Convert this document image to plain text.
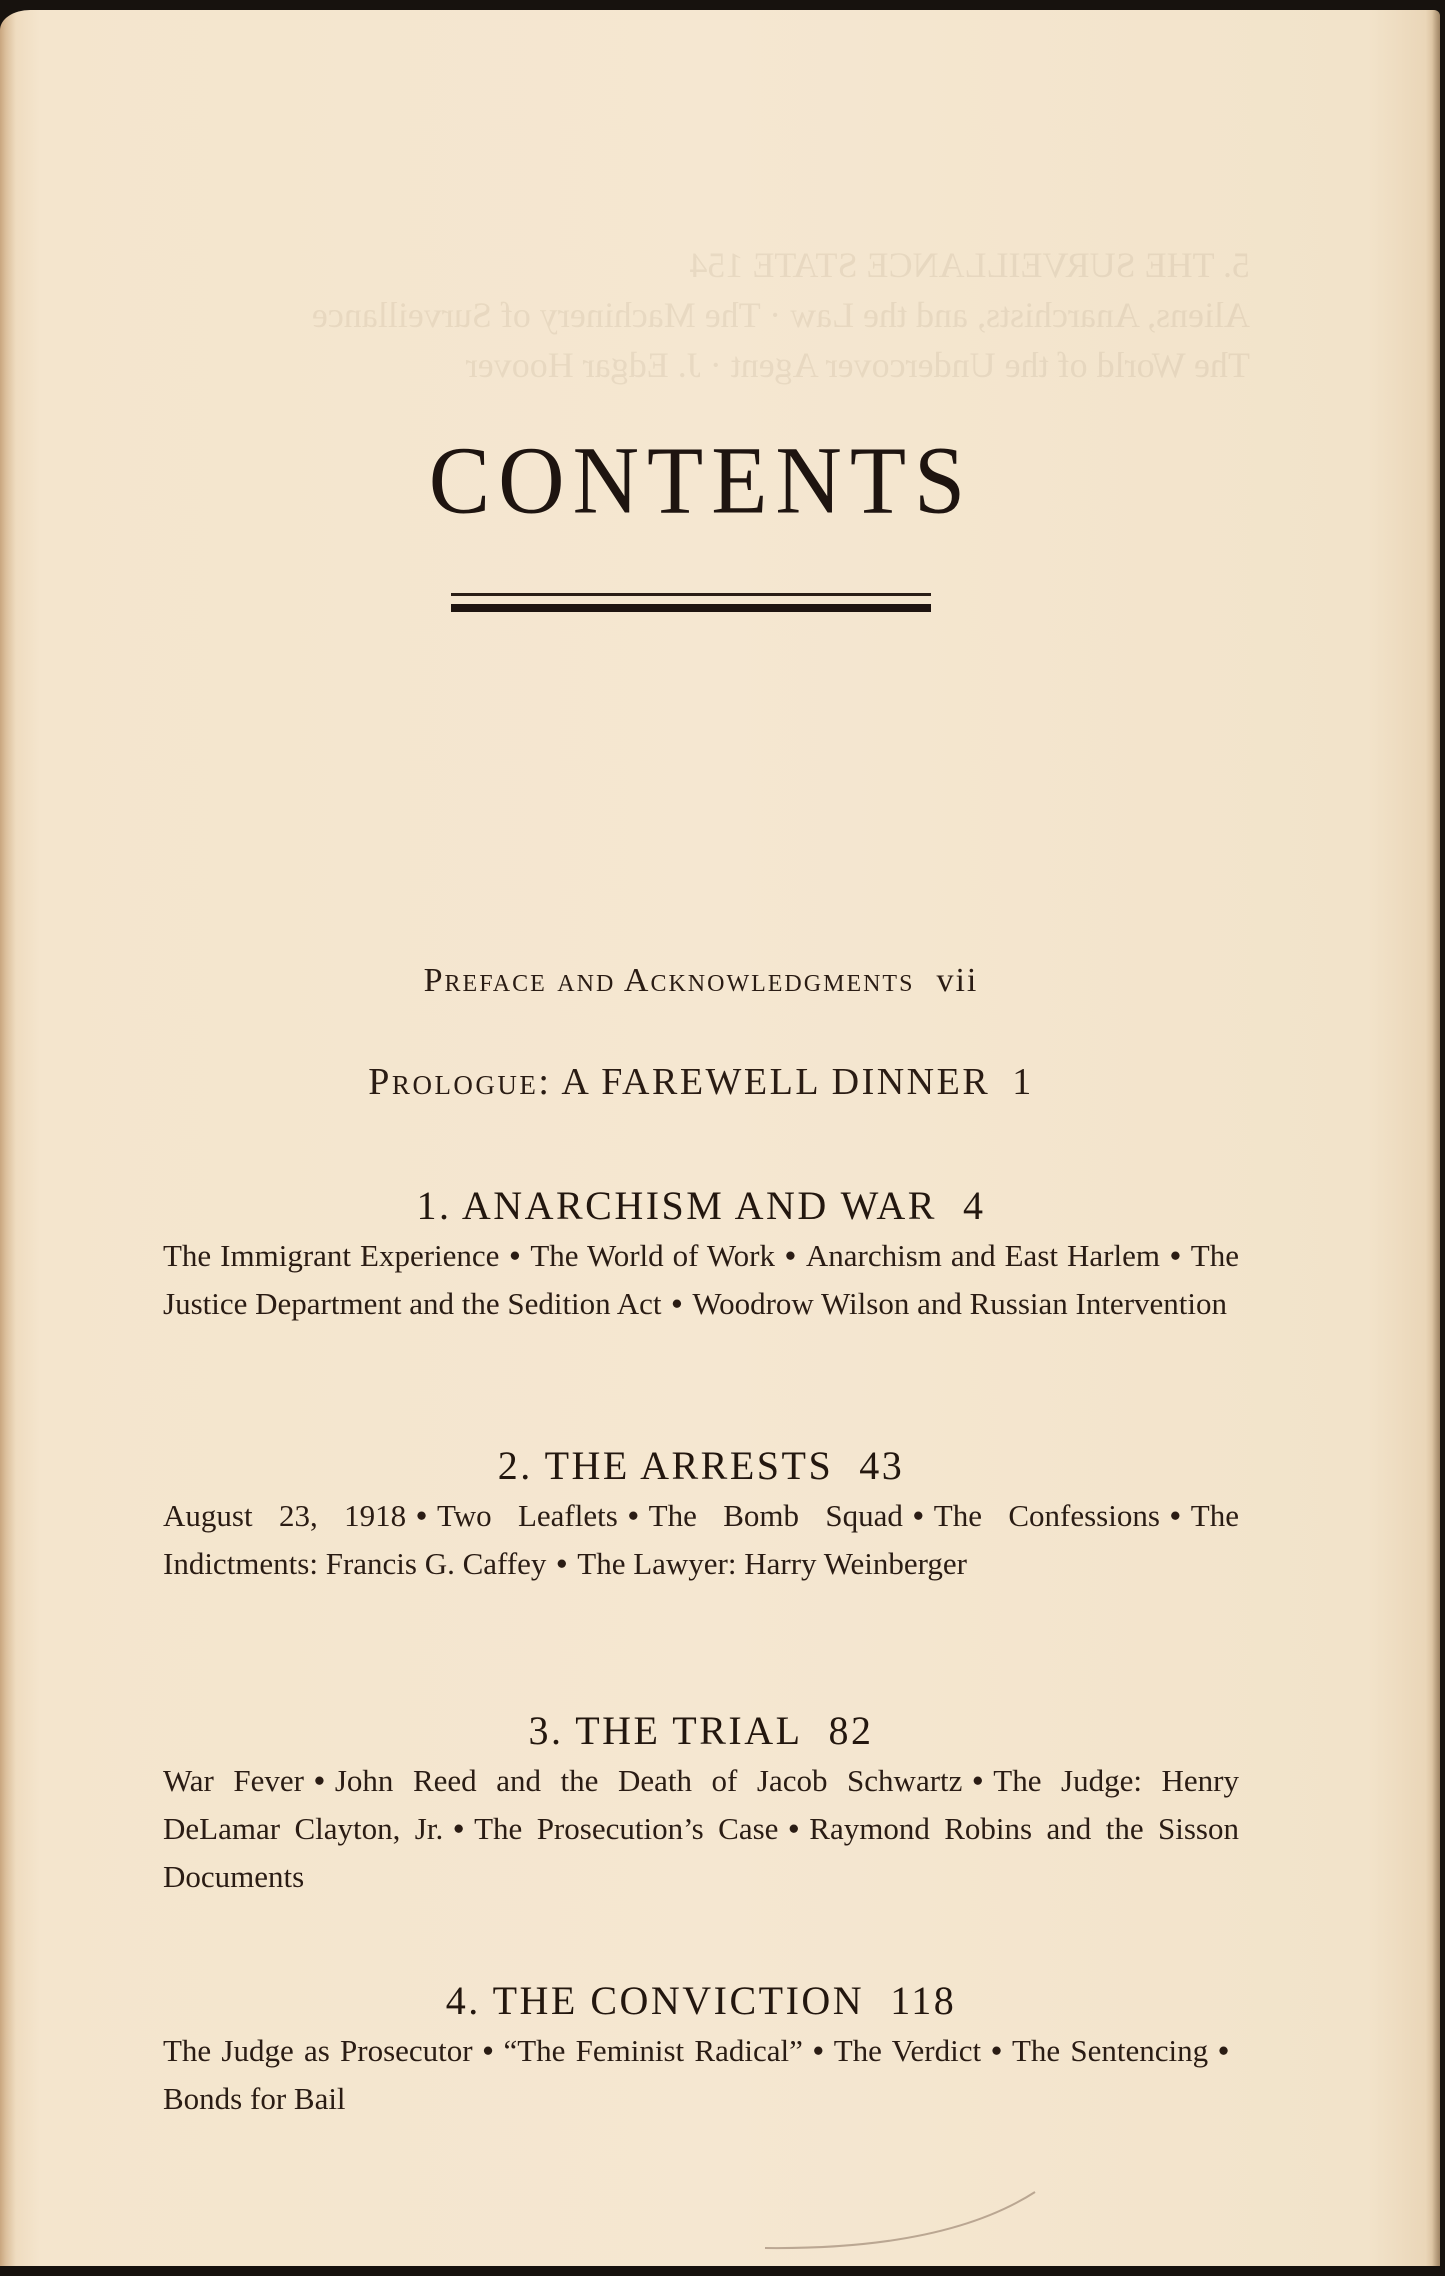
5. THE SURVEILLANCE STATE 154
Aliens, Anarchists, and the Law · The Machinery of Surveillance
The World of the Undercover Agent · J. Edgar Hoover
CONTENTS
Preface and Acknowledgments vii
Prologue: A FAREWELL DINNER 1
1. ANARCHISM AND WAR 4
The Immigrant Experience • The World of Work • Anarchism and East Harlem • The Justice Department and the Sedition Act • Woodrow Wilson and Russian Intervention
2. THE ARRESTS 43
August 23, 1918 • Two Leaflets • The Bomb Squad • The Confessions • The Indictments: Francis G. Caffey • The Lawyer: Harry Weinberger
3. THE TRIAL 82
War Fever • John Reed and the Death of Jacob Schwartz • The Judge: Henry DeLamar Clayton, Jr. • The Prosecution’s Case • Raymond Robins and the Sisson Documents
4. THE CONVICTION 118
The Judge as Prosecutor • “The Feminist Radical” • The Verdict • The Sentencing •Bonds for Bail
